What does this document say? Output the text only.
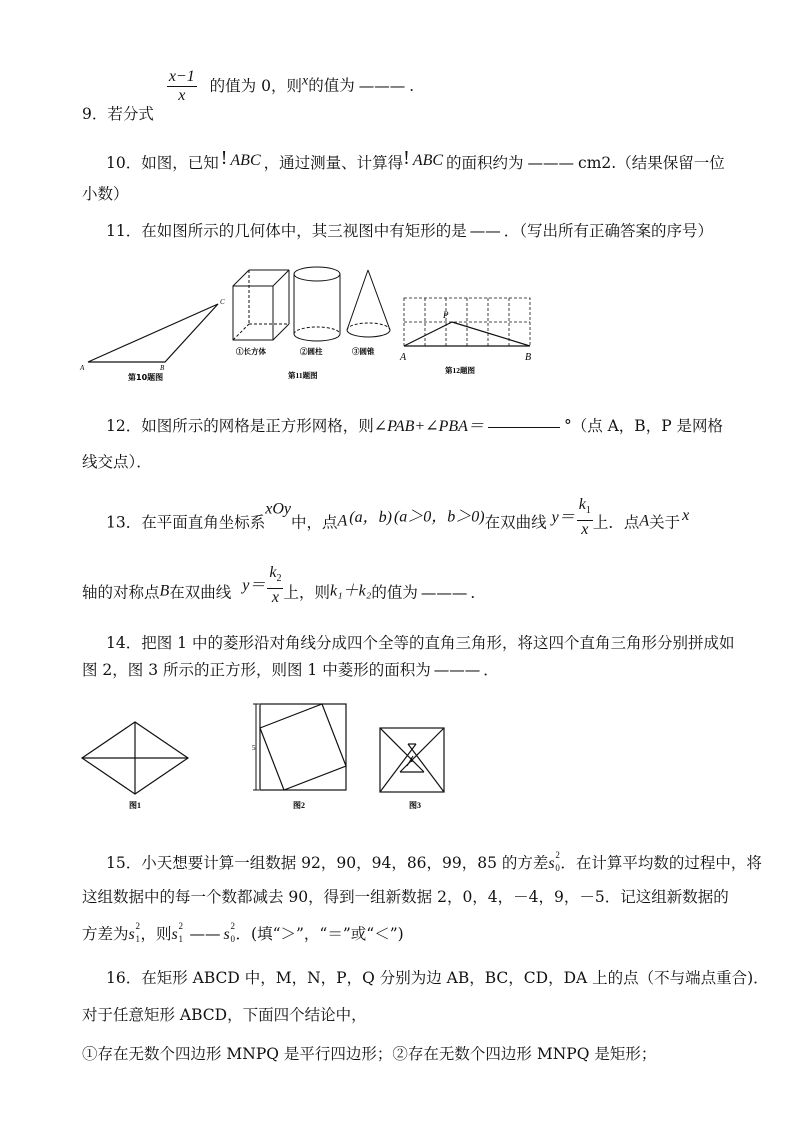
9．若分式
$\frac{x-1}{x}$ 的值为 0，则$^x$的值为 ——— ．
10．如图，已知 ! ABC ，通过测量、计算得! ABC 的面积约为 ——— cm2.（结果保留一位
小数）
11．在如图所示的几何体中，其三视图中有矩形的是 —— ．（写出所有正确答案的序号）
A	B
C
第10题图
①长方体	②圆柱	③圆锥
第11题图
P
A	B
第12题图
12．如图所示的网格是正方形网格，则∠PAB+∠PBA＝	°（点 A，B，P 是网格
线交点）．
13．在平面直角坐标系xOy中，点A (a，b) (a＞0，b＞0)在双曲线 $y= \frac{k_1}{x}$ 上．点A关于 x
轴的对称点B在双曲线 $y= \frac{k_2}{x}$ 上，则k₁＋k₂的值为 ——— ．
14．把图 1 中的菱形沿对角线分成四个全等的直角三角形，将这四个直角三角形分别拼成如
图 2，图 3 所示的正方形，则图 1 中菱形的面积为 ——— ．
图1
5
图2
1
图3
15．小天想要计算一组数据 92，90，94，86，99，85 的方差s 2
0 ．在计算平均数的过程中，将
这组数据中的每一个数都减去 90，得到一组新数据 2，0，4，－4，9，－5．记这组新数据的
方差为s 2
1 ，则s 2
1 —— s 2
0 ．(填“＞”，“＝”或“＜”)
16．在矩形 ABCD 中，M，N，P，Q 分别为边 AB，BC，CD，DA 上的点（不与端点重合)．
对于任意矩形 ABCD，下面四个结论中，
①存在无数个四边形 MNPQ 是平行四边形；②存在无数个四边形 MNPQ 是矩形；
